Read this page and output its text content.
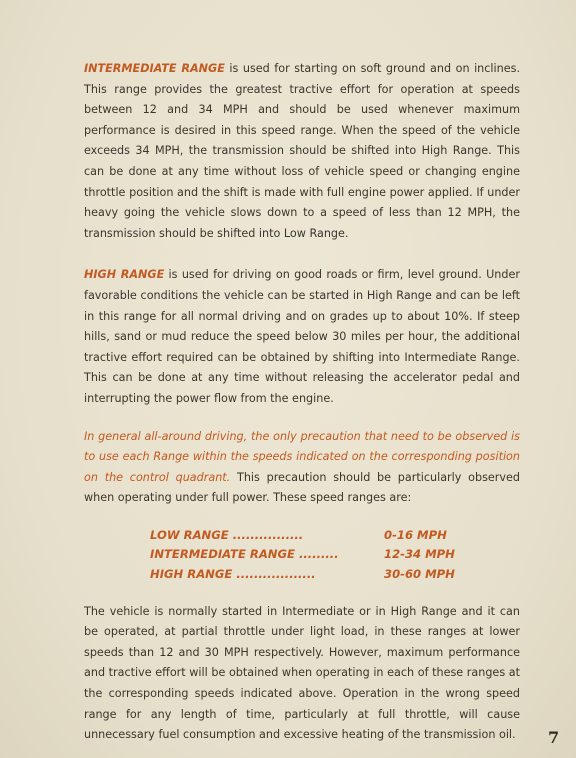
INTERMEDIATE RANGE is used for starting on soft ground and on inclines. This range provides the greatest tractive effort for operation at speeds between 12 and 34 MPH and should be used whenever maximum performance is desired in this speed range. When the speed of the vehicle exceeds 34 MPH, the transmission should be shifted into High Range. This can be done at any time without loss of vehicle speed or changing engine throttle position and the shift is made with full engine power applied. If under heavy going the vehicle slows down to a speed of less than 12 MPH, the transmission should be shifted into Low Range.

HIGH RANGE is used for driving on good roads or firm, level ground. Under favorable conditions the vehicle can be started in High Range and can be left in this range for all normal driving and on grades up to about 10%. If steep hills, sand or mud reduce the speed below 30 miles per hour, the additional tractive effort required can be obtained by shifting into Intermediate Range. This can be done at any time without releasing the accelerator pedal and interrupting the power flow from the engine.

In general all-around driving, the only precaution that need to be observed is to use each Range within the speeds indicated on the corresponding position on the control quadrant. This precaution should be particularly observed when operating under full power. These speed ranges are:

LOW RANGE ................	0-16 MPH
INTERMEDIATE RANGE .........	12-34 MPH
HIGH RANGE ..................	30-60 MPH

The vehicle is normally started in Intermediate or in High Range and it can be operated, at partial throttle under light load, in these ranges at lower speeds than 12 and 30 MPH respectively. However, maximum performance and tractive effort will be obtained when operating in each of these ranges at the corresponding speeds indicated above. Operation in the wrong speed range for any length of time, particularly at full throttle, will cause unnecessary fuel consumption and excessive heating of the transmission oil. 7
